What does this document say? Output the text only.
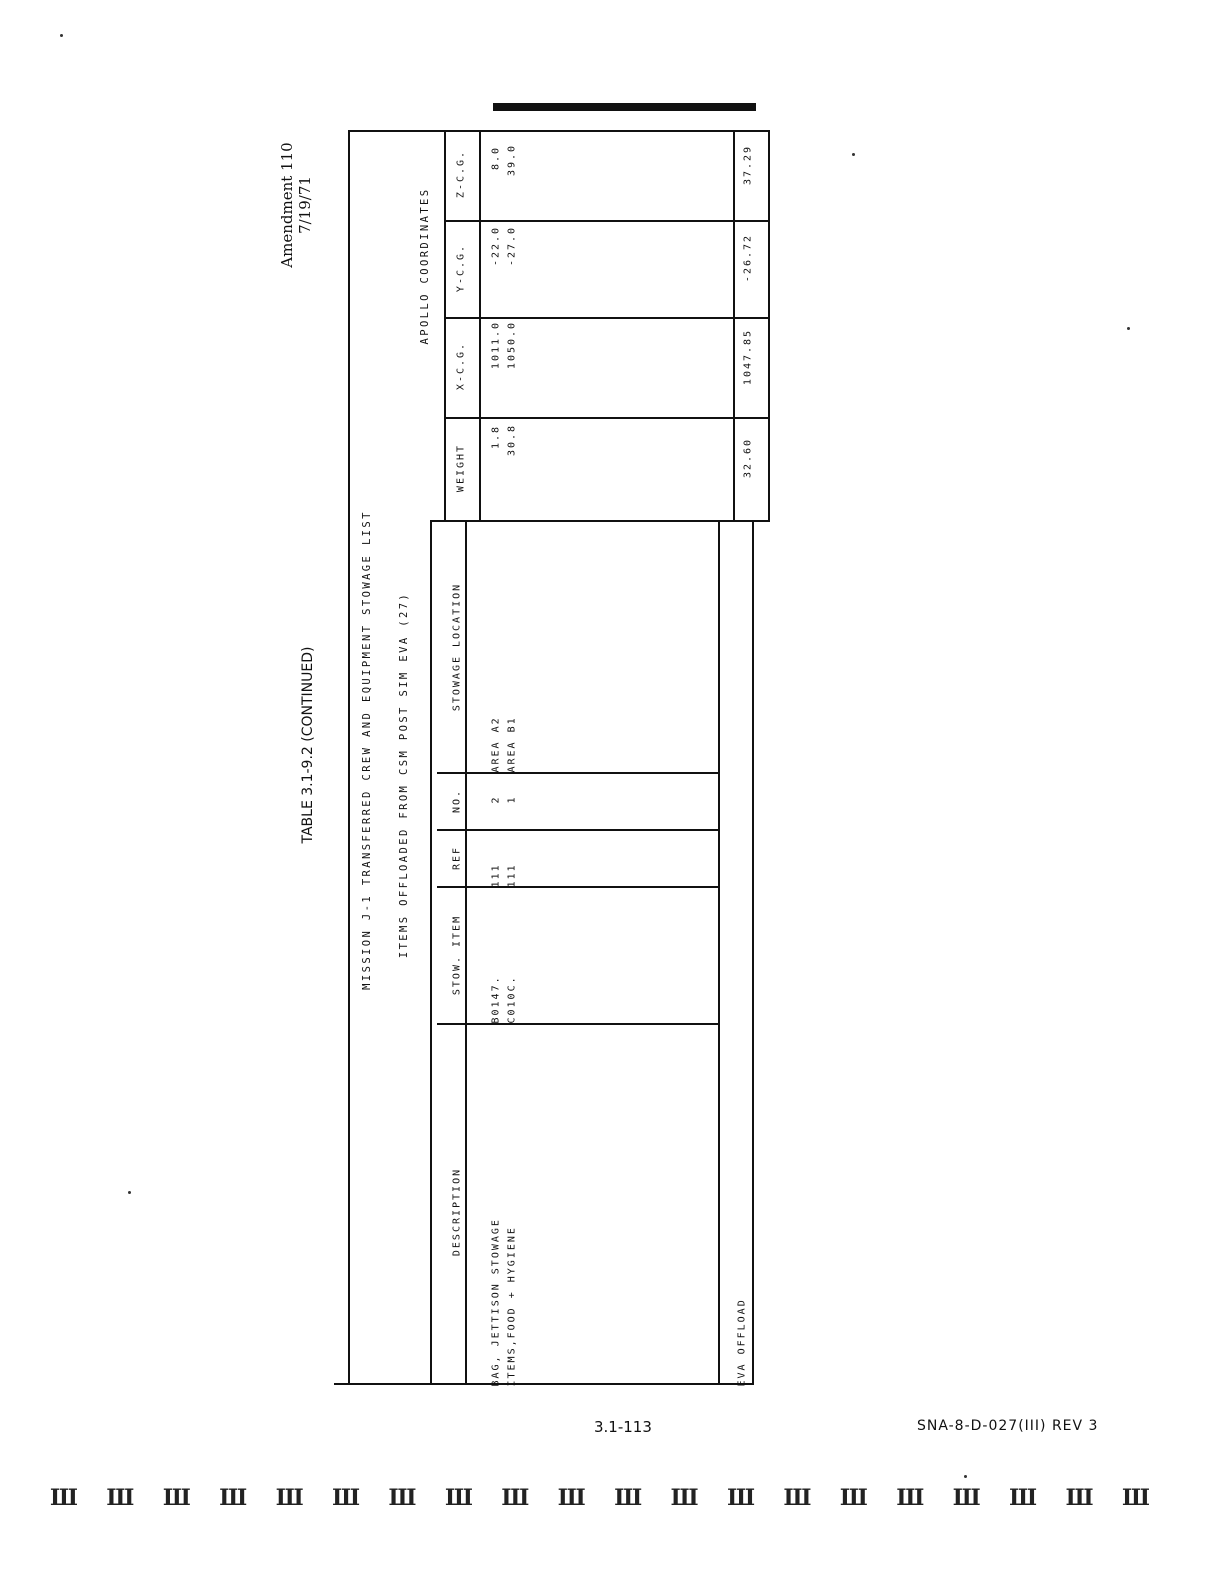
Amendment 110 7/19/71
TABLE 3.1-9.2 (CONTINUED)	MISSION J-1 TRANSFERRED CREW AND EQUIPMENT STOWAGE LIST ITEMS OFFLOADED FROM CSM POST SIM EVA (27)
APOLLO COORDINATES
DESCRIPTION
STOW. ITEM
REF
NO.
STOWAGE LOCATION
WEIGHT
X-C.G.
Y-C.G.
Z-C.G.
BAG, JETTISON STOWAGE
B0147.
111
2
AREA A2
1.8
1011.0
-22.0
8.0
ITEMS,FOOD + HYGIENE
C010C.
111
1
AREA B1
30.8
1050.0
-27.0
39.0
EVA OFFLOAD
32.60
1047.85
-26.72
37.29
3.1-113	SNA-8-D-027(III) REV 3
Ш Ш Ш Ш Ш Ш Ш Ш Ш Ш Ш Ш Ш Ш Ш Ш Ш Ш Ш Ш
